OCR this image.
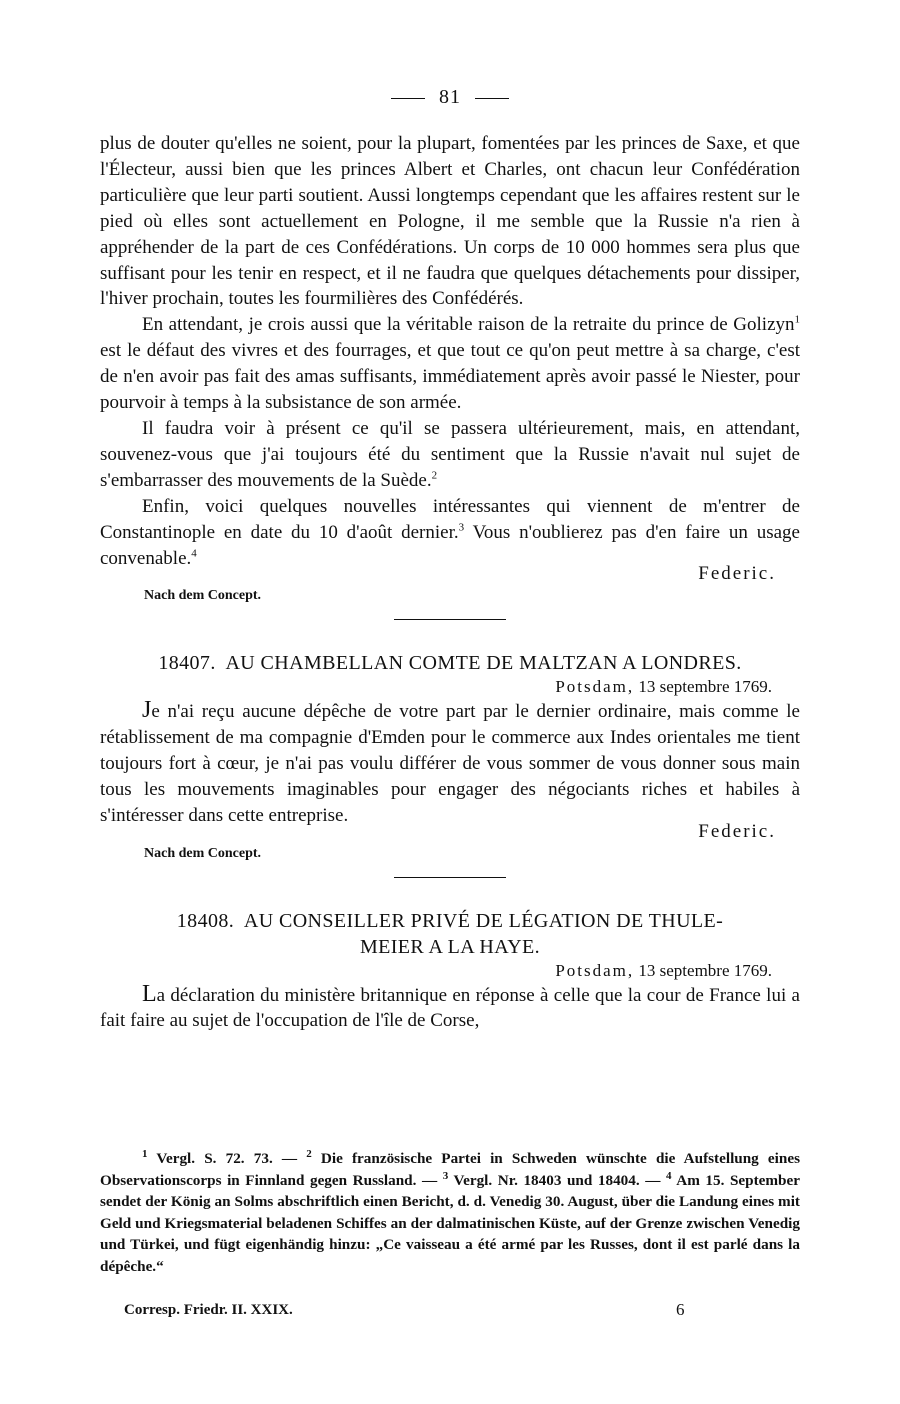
81

plus de douter qu'elles ne soient, pour la plupart, fomentées par les princes de Saxe, et que l'Électeur, aussi bien que les princes Albert et Charles, ont chacun leur Confédération particulière que leur parti soutient. Aussi longtemps cependant que les affaires restent sur le pied où elles sont actuellement en Pologne, il me semble que la Russie n'a rien à appréhender de la part de ces Confédérations. Un corps de 10 000 hommes sera plus que suffisant pour les tenir en respect, et il ne faudra que quelques détachements pour dissiper, l'hiver prochain, toutes les fourmilières des Confédérés.

En attendant, je crois aussi que la véritable raison de la retraite du prince de Golizyn$^1$ est le défaut des vivres et des fourrages, et que tout ce qu'on peut mettre à sa charge, c'est de n'en avoir pas fait des amas suffisants, immédiatement après avoir passé le Niester, pour pourvoir à temps à la subsistance de son armée.

Il faudra voir à présent ce qu'il se passera ultérieurement, mais, en attendant, souvenez-vous que j'ai toujours été du sentiment que la Russie n'avait nul sujet de s'embarrasser des mouvements de la Suède.$^2$

Enfin, voici quelques nouvelles intéressantes qui viennent de m'entrer de Constantinople en date du 10 d'août dernier.$^3$ Vous n'oublierez pas d'en faire un usage convenable.$^4$

Federic.
Nach dem Concept.
18407. AU CHAMBELLAN COMTE DE MALTZAN A LONDRES.
Potsdam, 13 septembre 1769.

Je n'ai reçu aucune dépêche de votre part par le dernier ordinaire, mais comme le rétablissement de ma compagnie d'Emden pour le commerce aux Indes orientales me tient toujours fort à cœur, je n'ai pas voulu différer de vous sommer de vous donner sous main tous les mouvements imaginables pour engager des négociants riches et habiles à s'intéresser dans cette entreprise.

Federic.
Nach dem Concept.
18408. AU CONSEILLER PRIVÉ DE LÉGATION DE THULE-
MEIER A LA HAYE.
Potsdam, 13 septembre 1769.

La déclaration du ministère britannique en réponse à celle que la cour de France lui a fait faire au sujet de l'occupation de l'île de Corse,

$^1$ Vergl. S. 72. 73. — $^2$ Die französische Partei in Schweden wünschte die Aufstellung eines Observationscorps in Finnland gegen Russland. — $^3$ Vergl. Nr. 18403 und 18404. — $^4$ Am 15. September sendet der König an Solms abschriftlich einen Bericht, d. d. Venedig 30. August, über die Landung eines mit Geld und Kriegsmaterial beladenen Schiffes an der dalmatinischen Küste, auf der Grenze zwischen Venedig und Türkei, und fügt eigenhändig hinzu: „Ce vaisseau a été armé par les Russes, dont il est parlé dans la dépêche.“

Corresp. Friedr. II. XXIX.	6
